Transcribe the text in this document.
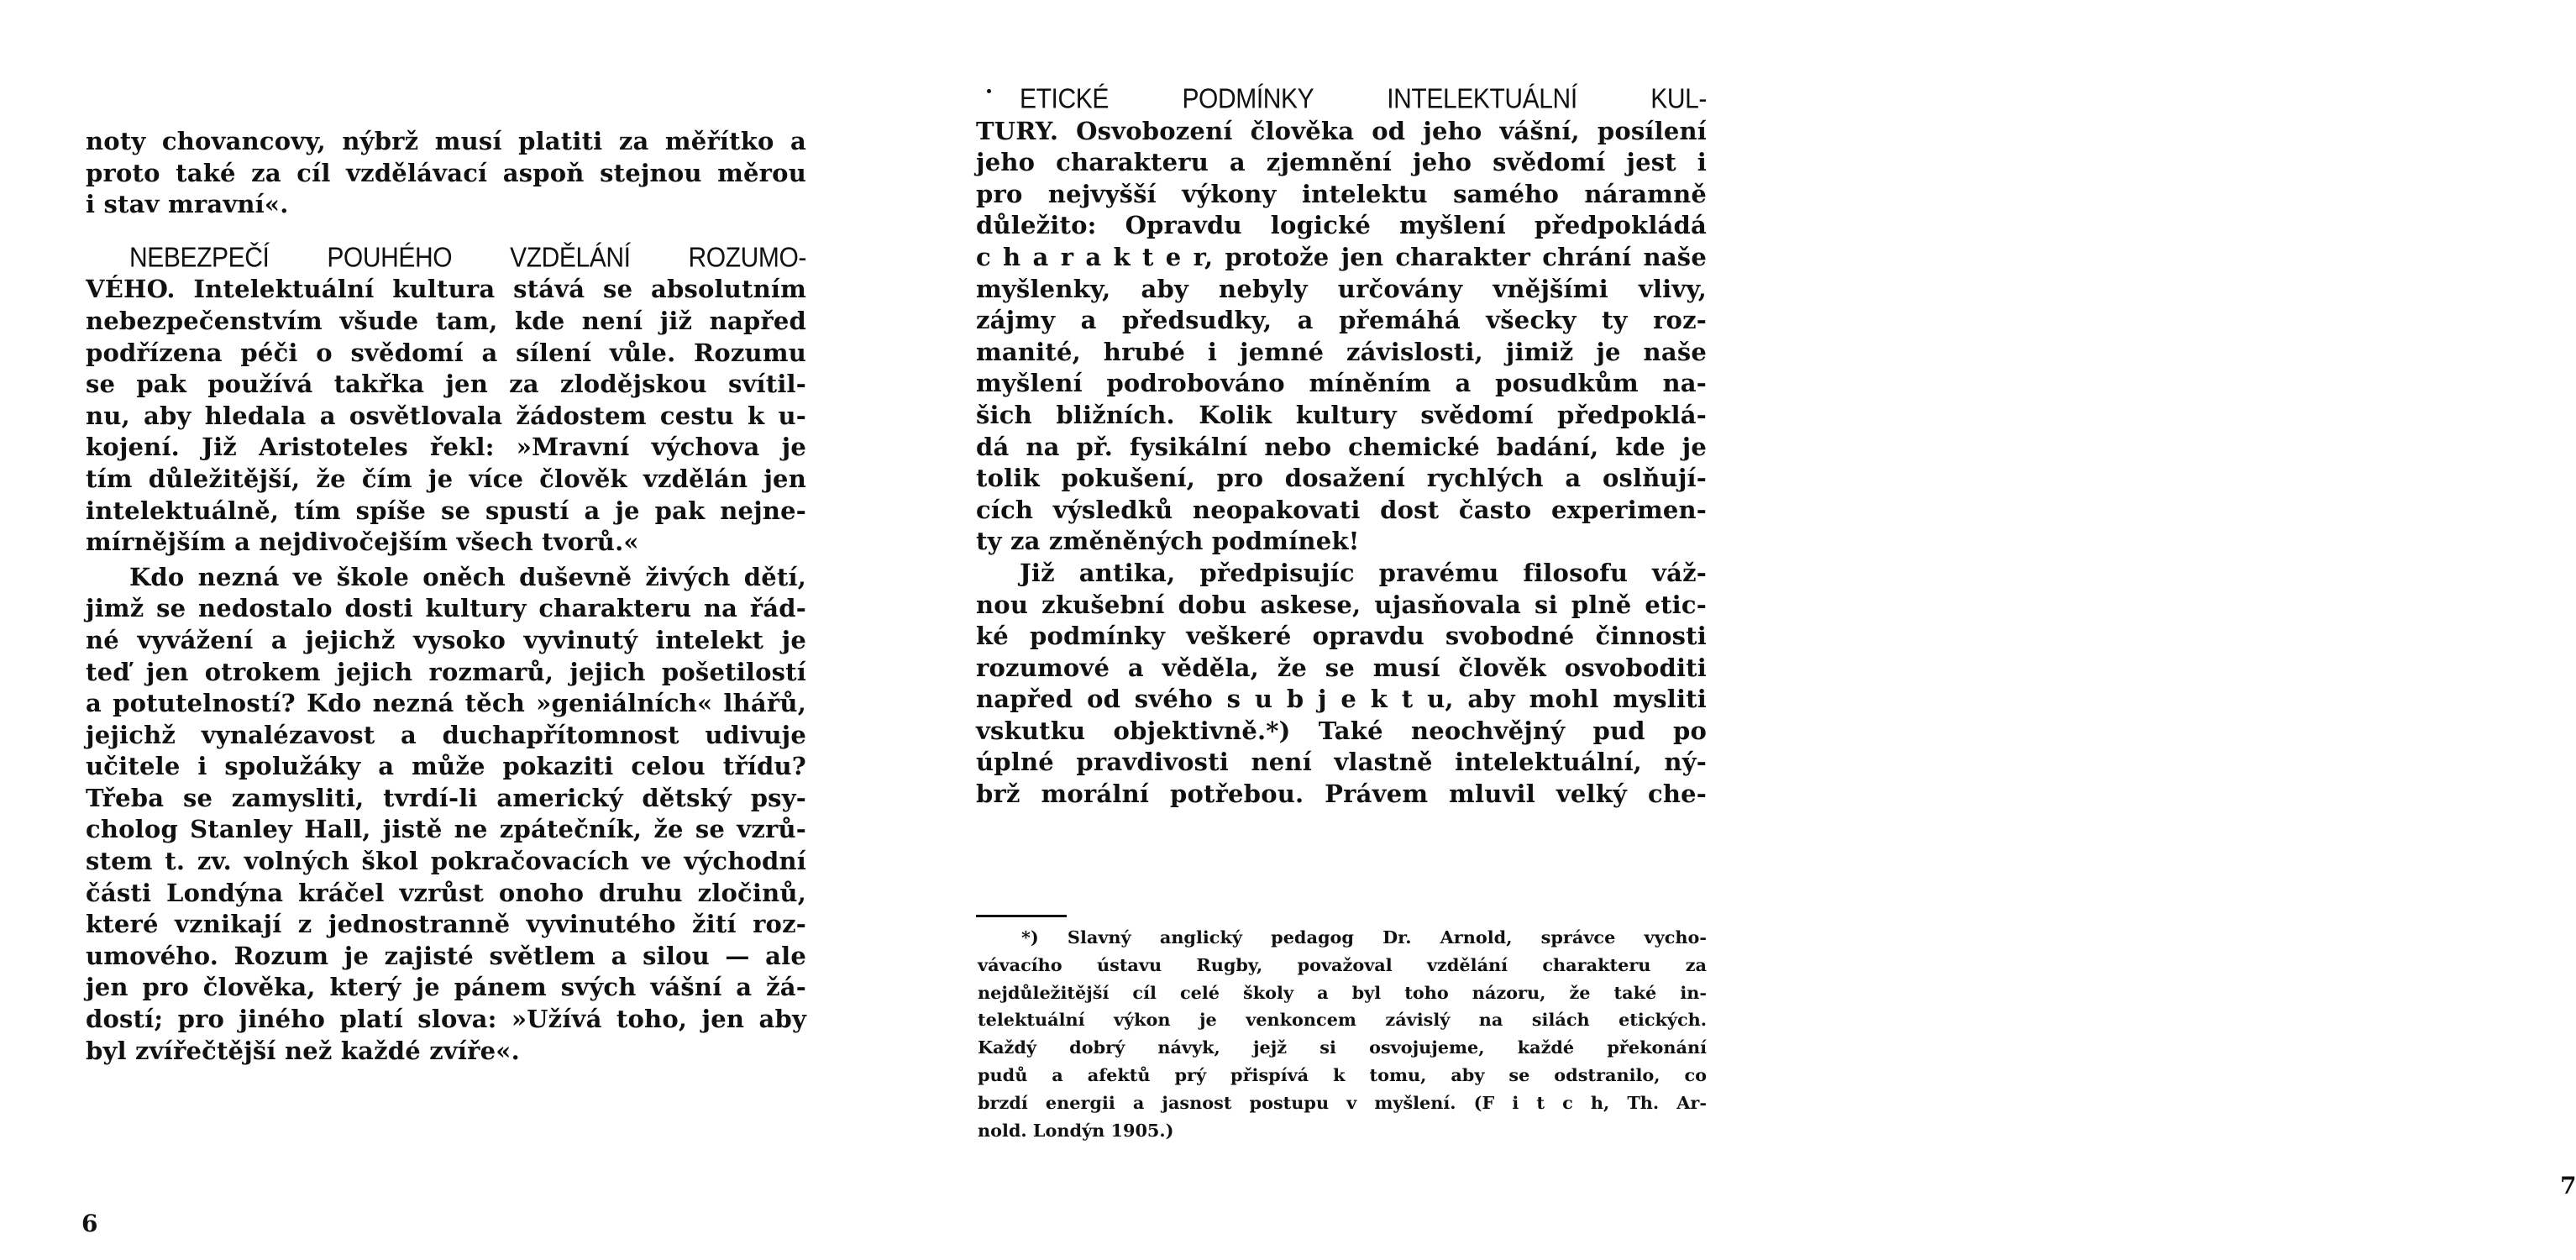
noty chovancovy, nýbrž musí platiti za měřítko a
proto také za cíl vzdělávací aspoň stejnou měrou
i stav mravní«.
NEBEZPEČÍ POUHÉHO VZDĚLÁNÍ ROZUMO-
VÉHO. Intelektuální kultura stává se absolutním
nebezpečenstvím všude tam, kde není již napřed
podřízena péči o svědomí a sílení vůle. Rozumu
se pak používá takřka jen za zlodějskou svítil-
nu, aby hledala a osvětlovala žádostem cestu k u-
kojení. Již Aristoteles řekl: »Mravní výchova je
tím důležitější, že čím je více člověk vzdělán jen
intelektuálně, tím spíše se spustí a je pak nejne-
mírnějším a nejdivočejším všech tvorů.«
Kdo nezná ve škole oněch duševně živých dětí,
jimž se nedostalo dosti kultury charakteru na řád-
né vyvážení a jejichž vysoko vyvinutý intelekt je
teď jen otrokem jejich rozmarů, jejich pošetilostí
a potutelností? Kdo nezná těch »geniálních« lhářů,
jejichž vynalézavost a duchapřítomnost udivuje
učitele i spolužáky a může pokaziti celou třídu?
Třeba se zamysliti, tvrdí-li americký dětský psy-
cholog Stanley Hall, jistě ne zpátečník, že se vzrů-
stem t. zv. volných škol pokračovacích ve východní
části Londýna kráčel vzrůst onoho druhu zločinů,
které vznikají z jednostranně vyvinutého žití roz-
umového. Rozum je zajisté světlem a silou — ale
jen pro člověka, který je pánem svých vášní a žá-
dostí; pro jiného platí slova: »Užívá toho, jen aby
byl zvířečtější než každé zvíře«.
6
ETICKÉ PODMÍNKY INTELEKTUÁLNÍ KUL-
TURY. Osvobození člověka od jeho vášní, posílení
jeho charakteru a zjemnění jeho svědomí jest i
pro nejvyšší výkony intelektu samého náramně
důležito: Opravdu logické myšlení předpokládá
c h a r a k t e r, protože jen charakter chrání naše
myšlenky, aby nebyly určovány vnějšími vlivy,
zájmy a předsudky, a přemáhá všecky ty roz-
manité, hrubé i jemné závislosti, jimiž je naše
myšlení podrobováno míněním a posudkům na-
šich bližních. Kolik kultury svědomí předpoklá-
dá na př. fysikální nebo chemické badání, kde je
tolik pokušení, pro dosažení rychlých a oslňují-
cích výsledků neopakovati dost často experimen-
ty za změněných podmínek!
Již antika, předpisujíc pravému filosofu váž-
nou zkušební dobu askese, ujasňovala si plně etic-
ké podmínky veškeré opravdu svobodné činnosti
rozumové a věděla, že se musí člověk osvoboditi
napřed od svého s u b j e k t u, aby mohl mysliti
vskutku objektivně.*) Také neochvějný pud po
úplné pravdivosti není vlastně intelektuální, ný-
brž morální potřebou. Právem mluvil velký che-
*) Slavný anglický pedagog Dr. Arnold, správce vycho-
vávacího ústavu Rugby, považoval vzdělání charakteru za
nejdůležitější cíl celé školy a byl toho názoru, že také in-
telektuální výkon je venkoncem závislý na silách etických.
Každý dobrý návyk, jejž si osvojujeme, každé překonání
pudů a afektů prý přispívá k tomu, aby se odstranilo, co
brzdí energii a jasnost postupu v myšlení. (F i t c h, Th. Ar-
nold. Londýn 1905.)
7
